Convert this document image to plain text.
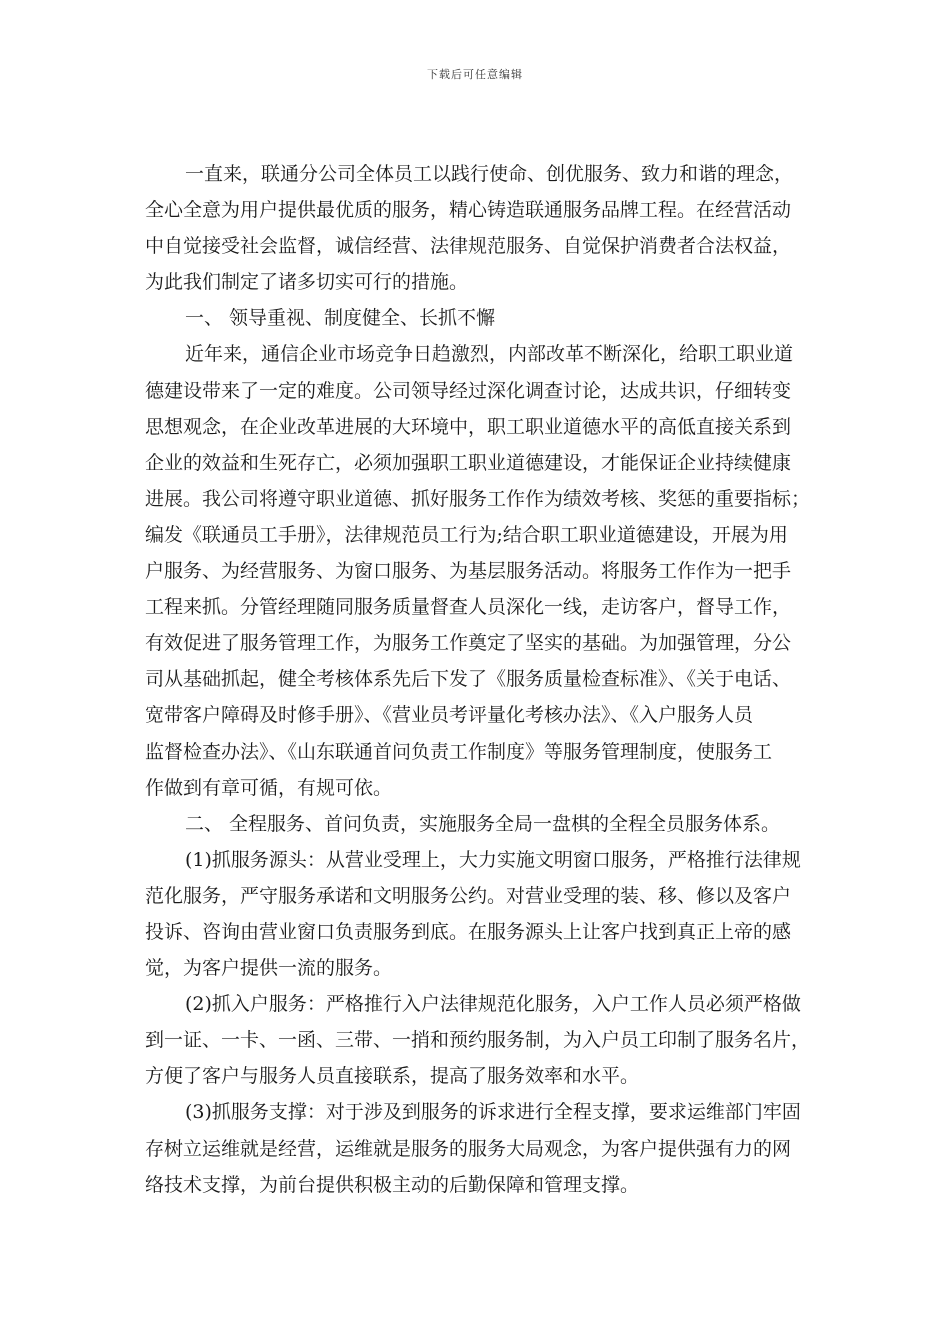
下载后可任意编辑
一直来，联通分公司全体员工以践行使命、创优服务、致力和谐的理念，
全心全意为用户提供最优质的服务，精心铸造联通服务品牌工程。在经营活动
中自觉接受社会监督，诚信经营、法律规范服务、自觉保护消费者合法权益，
为此我们制定了诸多切实可行的措施。
一、 领导重视、制度健全、长抓不懈
近年来，通信企业市场竞争日趋激烈，内部改革不断深化，给职工职业道
德建设带来了一定的难度。公司领导经过深化调查讨论，达成共识，仔细转变
思想观念，在企业改革进展的大环境中，职工职业道德水平的高低直接关系到
企业的效益和生死存亡，必须加强职工职业道德建设，才能保证企业持续健康
进展。我公司将遵守职业道德、抓好服务工作作为绩效考核、奖惩的重要指标；
编发《联通员工手册》，法律规范员工行为;结合职工职业道德建设，开展为用
户服务、为经营服务、为窗口服务、为基层服务活动。将服务工作作为一把手
工程来抓。分管经理随同服务质量督查人员深化一线，走访客户，督导工作，
有效促进了服务管理工作，为服务工作奠定了坚实的基础。为加强管理，分公
司从基础抓起，健全考核体系先后下发了《服务质量检查标准》、《关于电话、
宽带客户障碍及时修手册》、《营业员考评量化考核办法》、《入户服务人员
监督检查办法》、《山东联通首问负责工作制度》等服务管理制度，使服务工
作做到有章可循，有规可依。
二、 全程服务、首问负责，实施服务全局一盘棋的全程全员服务体系。
(1)抓服务源头：从营业受理上，大力实施文明窗口服务，严格推行法律规
范化服务，严守服务承诺和文明服务公约。对营业受理的装、移、修以及客户
投诉、咨询由营业窗口负责服务到底。在服务源头上让客户找到真正上帝的感
觉，为客户提供一流的服务。
(2)抓入户服务：严格推行入户法律规范化服务，入户工作人员必须严格做
到一证、一卡、一函、三带、一捎和预约服务制，为入户员工印制了服务名片，
方便了客户与服务人员直接联系，提高了服务效率和水平。
(3)抓服务支撑：对于涉及到服务的诉求进行全程支撑，要求运维部门牢固
存树立运维就是经营，运维就是服务的服务大局观念，为客户提供强有力的网
络技术支撑，为前台提供积极主动的后勤保障和管理支撑。
